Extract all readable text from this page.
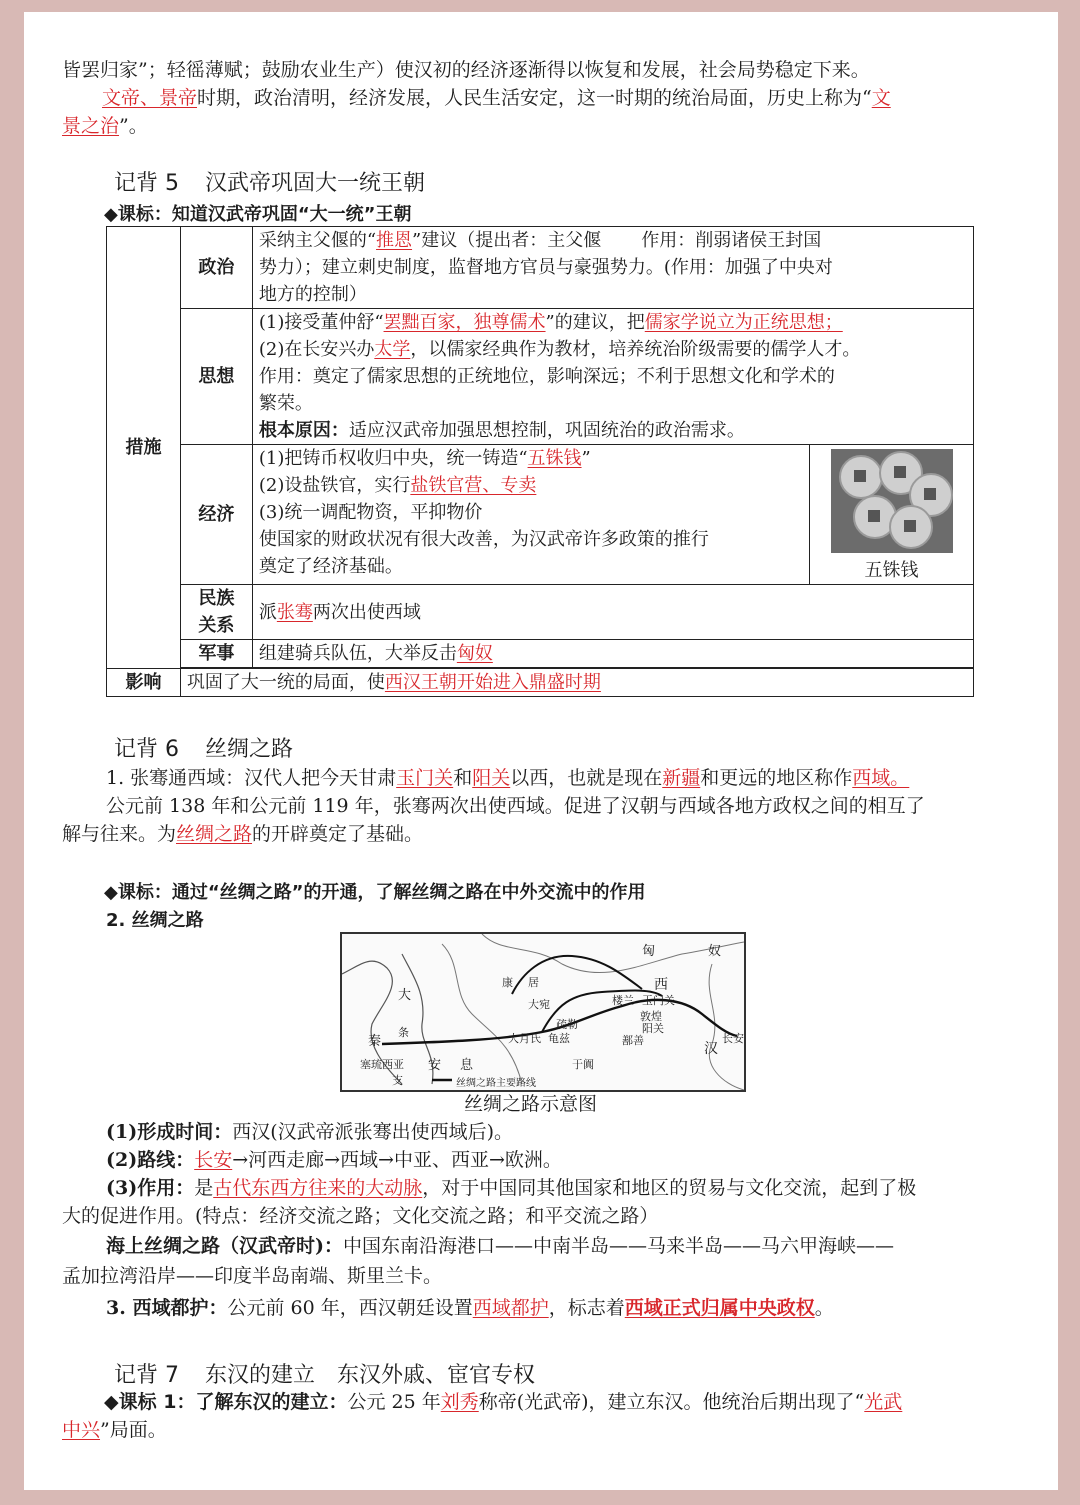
皆罢归家”；轻徭薄赋；鼓励农业生产）使汉初的经济逐渐得以恢复和发展，社会局势稳定下来。
文帝、景帝时期，政治清明，经济发展，人民生活安定，这一时期的统治局面，历史上称为“文
景之治”。
记背 5 汉武帝巩固大一统王朝
◆课标：知道汉武帝巩固“大一统”王朝
措施	政治	采纳主父偃的“推恩”建议（提出者：主父偃 作用：削弱诸侯王封国
势力）；建立刺史制度，监督地方官员与豪强势力。(作用：加强了中央对
地方的控制）	

	思想	(1)接受董仲舒“罢黜百家，独尊儒术”的建议，把儒家学说立为正统思想；
(2)在长安兴办太学，以儒家经典作为教材，培养统治阶级需要的儒学人才。
作用：奠定了儒家思想的正统地位，影响深远；不利于思想文化和学术的
繁荣。
根本原因：适应汉武帝加强思想控制，巩固统治的政治需求。	

	经济	(1)把铸币权收归中央，统一铸造“五铢钱”
(2)设盐铁官，实行盐铁官营、专卖
(3)统一调配物资，平抑物价
使国家的财政状况有很大改善，为汉武帝许多政策的推行
奠定了经济基础。	五铢钱

	民族
关系	派张骞两次出使西域	
	军事	组建骑兵队伍，大举反击匈奴	

影响	巩固了大一统的局面，使西汉王朝开始进入鼎盛时期		
记背 6 丝绸之路
1. 张骞通西域：汉代人把今天甘肃玉门关和阳关以西，也就是现在新疆和更远的地区称作西域。
公元前 138 年和公元前 119 年，张骞两次出使西域。促进了汉朝与西域各地方政权之间的相互了
解与往来。为丝绸之路的开辟奠定了基础。
◆课标：通过“丝绸之路”的开通，了解丝绸之路在中外交流中的作用
2. 丝绸之路
匈	奴
西
汉
长安
大
秦
条
安 息
支
康 居
大宛
大月氏
疏勒
龟兹
楼兰 玉门关
敦煌
鄯善
阳关
于阗
塞琉西亚
丝绸之路主要路线
丝绸之路示意图
(1)形成时间：西汉(汉武帝派张骞出使西域后)。
(2)路线：长安→河西走廊→西域→中亚、西亚→欧洲。
(3)作用：是古代东西方往来的大动脉，对于中国同其他国家和地区的贸易与文化交流，起到了极
大的促进作用。(特点：经济交流之路；文化交流之路；和平交流之路）
海上丝绸之路（汉武帝时)：中国东南沿海港口——中南半岛——马来半岛——马六甲海峡——
孟加拉湾沿岸——印度半岛南端、斯里兰卡。
3. 西域都护：公元前 60 年，西汉朝廷设置西域都护，标志着西域正式归属中央政权。
记背 7 东汉的建立　东汉外戚、宦官专权
◆课标 1：了解东汉的建立：公元 25 年刘秀称帝(光武帝)，建立东汉。他统治后期出现了“光武
中兴”局面。
